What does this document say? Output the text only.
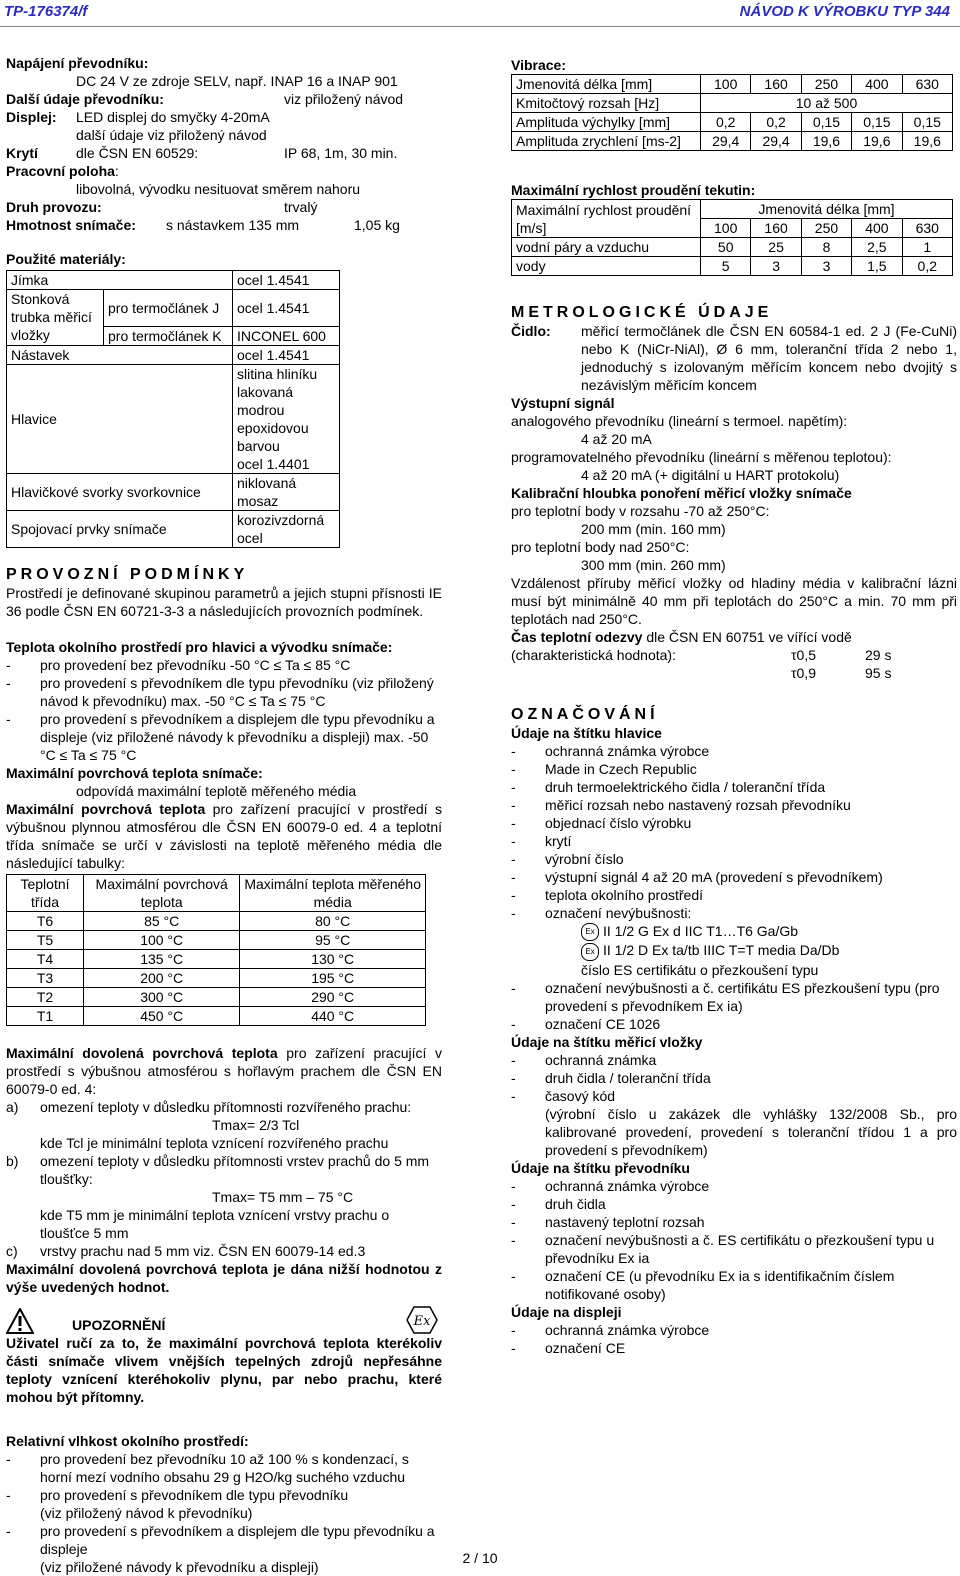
TP-176374/f	NÁVOD K VÝROBKU TYP 344
Napájení převodníku:
DC 24 V ze zdroje SELV, např. INAP 16 a INAP 901
Další údaje převodníku:	viz přiložený návod
Displej:	LED displej do smyčky 4-20mA
další údaje viz přiložený návod
Krytí	dle ČSN EN 60529:	IP 68, 1m, 30 min.
Pracovní poloha:
libovolná, vývodku nesituovat směrem nahoru
Druh provozu:	trvalý
Hmotnost snímače:	s nástavkem 135 mm	1,05 kg
Použité materiály:
Jímka		ocel 1.4541
Stonková trubka měřicí	pro termočlánek J	ocel 1.4541
vložky	pro termočlánek K	INCONEL 600
Nástavek		ocel 1.4541
Hlavice		slitina hliníku lakovaná modrou epoxidovou barvou
ocel 1.4401

Hlavičkové svorky svorkovnice		niklovaná mosaz
Spojovací prvky snímače		korozivzdorná ocel
PROVOZNÍ PODMÍNKY
Prostředí je definované skupinou parametrů a jejich stupni přísnosti IE 36 podle ČSN EN 60721-3-3 a následujících provozních podmínek.
Teplota okolního prostředí pro hlavici a vývodku snímače:
-	pro provedení bez převodníku -50 °C ≤ Ta ≤ 85 °C
-	pro provedení s převodníkem dle typu převodníku (viz přiložený návod k převodníku) max. -50 °C ≤ Ta ≤ 75 °C
-	pro provedení s převodníkem a displejem dle typu převodníku a displeje (viz přiložené návody k převodníku a displeji) max. -50 °C ≤ Ta ≤ 75 °C
Maximální povrchová teplota snímače:
odpovídá maximální teplotě měřeného média
Maximální povrchová teplota pro zařízení pracující v prostředí s výbušnou plynnou atmosférou dle ČSN EN 60079-0 ed. 4 a teplotní třída snímače se určí v závislosti na teplotě měřeného média dle následující tabulky:
Teplotní třída	Maximální povrchová teplota	Maximální teplota měřeného média
T6	85 °C	80 °C
T5	100 °C	95 °C
T4	135 °C	130 °C
T3	200 °C	195 °C
T2	300 °C	290 °C
T1	450 °C	440 °C
Maximální dovolená povrchová teplota pro zařízení pracující v prostředí s výbušnou atmosférou s hořlavým prachem dle ČSN EN 60079-0 ed. 4:
a)	omezení teploty v důsledku přítomnosti rozvířeného prachu:
Tmax= 2/3 Tcl
kde Tcl je minimální teplota vznícení rozvířeného prachu
b)	omezení teploty v důsledku přítomnosti vrstev prachů do 5 mm tloušťky:
Tmax= T5 mm – 75 °C
kde T5 mm je minimální teplota vznícení vrstvy prachu o tloušťce 5 mm
c)	vrstvy prachu nad 5 mm viz. ČSN EN 60079-14 ed.3
Maximální dovolená povrchová teplota je dána nižší hodnotou z výše uvedených hodnot.
UPOZORNĚNÍ	Ex
Uživatel ručí za to, že maximální povrchová teplota kterékoliv části snímače vlivem vnějších tepelných zdrojů nepřesáhne teploty vznícení kteréhokoliv plynu, par nebo prachu, které mohou být přítomny.
Relativní vlhkost okolního prostředí:
-	pro provedení bez převodníku 10 až 100 % s kondenzací, s horní mezí vodního obsahu 29 g H2O/kg suchého vzduchu
-	pro provedení s převodníkem dle typu převodníku
(viz přiložený návod k převodníku)
-	pro provedení s převodníkem a displejem dle typu převodníku a displeje
(viz přiložené návody k převodníku a displeji)
Vibrace:
Jmenovitá délka [mm]	100	160	250	400	630
Kmitočtový rozsah [Hz]	10 až 500				
Amplituda výchylky [mm]	0,2	0,2	0,15	0,15	0,15
Amplituda zrychlení [ms-2]	29,4	29,4	19,6	19,6	19,6
Maximální rychlost proudění tekutin:
Maximální rychlost proudění [m/s]	Jmenovitá délka [mm]				
	100	160	250	400	630
vodní páry a vzduchu	50	25	8	2,5	1
vody	5	3	3	1,5	0,2
METROLOGICKÉ ÚDAJE
Čidlo:	měřicí termočlánek dle ČSN EN 60584-1 ed. 2 J (Fe-CuNi) nebo K (NiCr-NiAl), Ø 6 mm, toleranční třída 2 nebo 1, jednoduchý s izolovaným měřícím koncem nebo dvojitý s nezávislým měřicím koncem
Výstupní signál
analogového převodníku (lineární s termoel. napětím):
4 až 20 mA
programovatelného převodníku (lineární s měřenou teplotou):
4 až 20 mA (+ digitální u HART protokolu)
Kalibrační hloubka ponoření měřicí vložky snímače
pro teplotní body v rozsahu -70 až 250°C:
200 mm (min. 160 mm)
pro teplotní body nad 250°C:
300 mm (min. 260 mm)
Vzdálenost příruby měřicí vložky od hladiny média v kalibrační lázni musí být minimálně 40 mm při teplotách do 250°C a min. 70 mm při teplotách nad 250°C.
Čas teplotní odezvy dle ČSN EN 60751 ve vířící vodě
(charakteristická hodnota):	τ0,5	29 s
τ0,9	95 s
OZNAČOVÁNÍ
Údaje na štítku hlavice
-	ochranná známka výrobce
-	Made in Czech Republic
-	druh termoelektrického čidla / toleranční třída
-	měřicí rozsah nebo nastavený rozsah převodníku
-	objednací číslo výrobku
-	krytí
-	výrobní číslo
-	výstupní signál 4 až 20 mA (provedení s převodníkem)
-	teplota okolního prostředí
-	označení nevýbušnosti:
Ex II 1/2 G Ex d IIC T1…T6 Ga/Gb
Ex II 1/2 D Ex ta/tb IIIC T=T media Da/Db
číslo ES certifikátu o přezkoušení typu
-	označení nevýbušnosti a č. certifikátu ES přezkoušení typu (pro provedení s převodníkem Ex ia)
-	označení CE 1026
Údaje na štítku měřicí vložky
-	ochranná známka
-	druh čidla / toleranční třída
-	časový kód
(výrobní číslo u zakázek dle vyhlášky 132/2008 Sb., pro kalibrované provedení, provedení s toleranční třídou 1 a pro provedení s převodníkem)
Údaje na štítku převodníku
-	ochranná známka výrobce
-	druh čidla
-	nastavený teplotní rozsah
-	označení nevýbušnosti a č. ES certifikátu o přezkoušení typu u převodníku Ex ia
-	označení CE (u převodníku Ex ia s identifikačním číslem notifikované osoby)
Údaje na displeji
-	ochranná známka výrobce
-	označení CE
2 / 10
